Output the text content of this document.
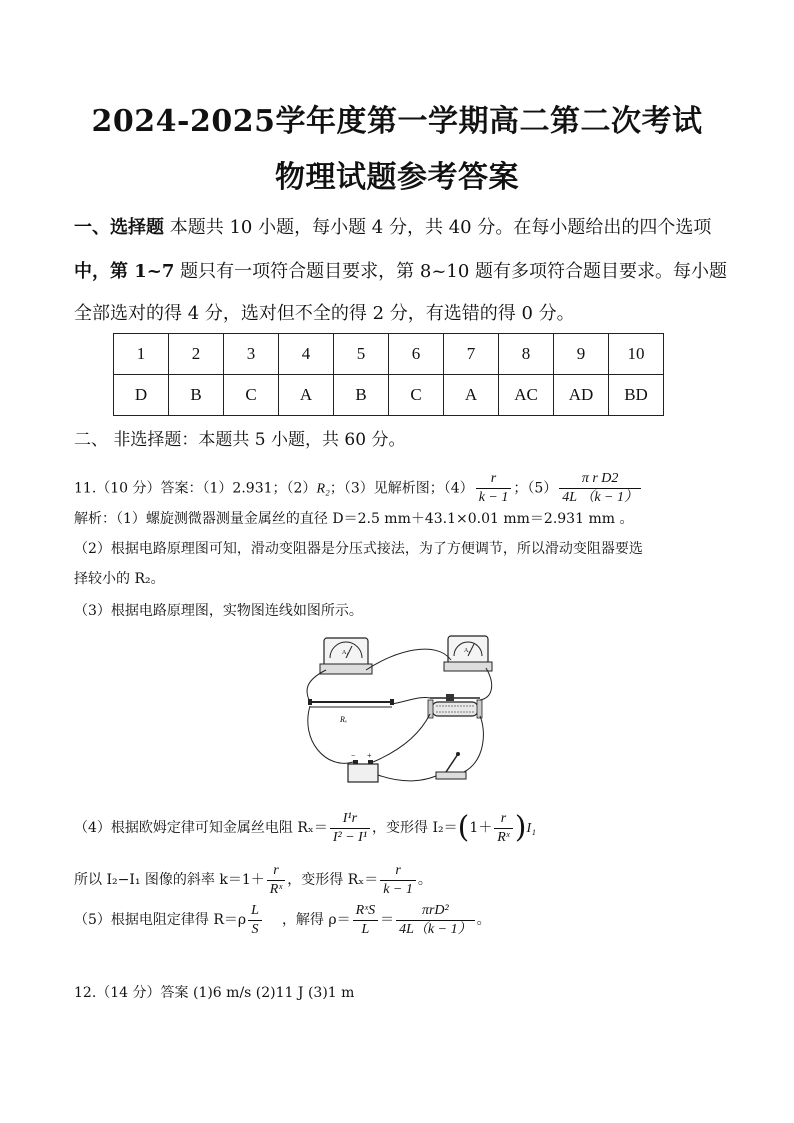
2024-2025学年度第一学期高二第二次考试
物理试题参考答案
一、选择题 本题共 10 小题，每小题 4 分，共 40 分。在每小题给出的四个选项
中，第 1~7 题只有一项符合题目要求，第 8~10 题有多项符合题目要求。每小题
全部选对的得 4 分，选对但不全的得 2 分，有选错的得 0 分。
1	2	3	4	5	6	7	8	9	10
D	B	C	A	B	C	A	AC	AD	BD
二、 非选择题：本题共 5 小题，共 60 分。
11.（10 分）答案：（1）2.931；（2）R₂；（3）见解析图；$(4) \frac{r}{k - 1}$ ；$(5) \frac{\text{π r D2}}{4L (k - 1)}$
解析：（1）螺旋测微器测量金属丝的直径 D＝2.5 mm＋43.1×0.01 mm＝2.931 mm 。
（2）根据电路原理图可知，滑动变阻器是分压式接法，为了方便调节，所以滑动变阻器要选
择较小的 R₂。
（3）根据电路原理图，实物图连线如图所示。
A₁	A₂
Rₓ
− +
（4）根据欧姆定律可知金属丝电阻 $R_x= \frac{\text{I¹r}}{\text{I² − I¹}}$ ，变形得 $I_2=(1+ \frac{r}{\text{Rˣ}} )I_1$
所以 I₂−I₁ 图像的斜率 $k=1+ \frac{r}{\text{Rˣ}}$ ，变形得 $R_x= \frac{r}{k - 1}$ 。
（5）根据电阻定律得 $R=\rho \frac{L}{S}$ ，解得 $\rho= \frac{\text{RˣS}}{L} = \frac{\text{πrD²}}{4L(k - 1)}$ 。
12.（14 分）答案 (1)6 m/s (2)11 J (3)1 m
